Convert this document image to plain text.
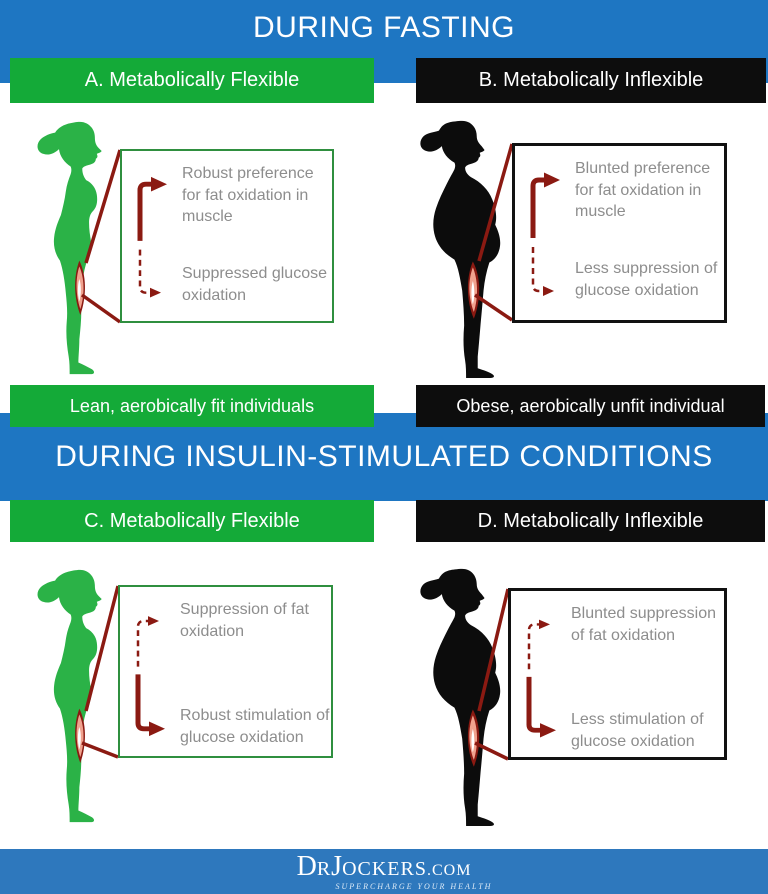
DURING FASTING
A. Metabolically Flexible	B. Metabolically Inflexible
Robust preference for fat oxidation in muscle
Suppressed glucose oxidation
Blunted preference for fat oxidation in muscle
Less suppression of glucose oxidation
Lean, aerobically fit individuals	Obese, aerobically unfit individual
DURING INSULIN-STIMULATED CONDITIONS
C. Metabolically Flexible	D. Metabolically Inflexible
Suppression of fat oxidation
Robust stimulation of glucose oxidation
Blunted suppression of fat oxidation
Less stimulation of glucose oxidation
D R J OCKERS .COM
SUPERCHARGE YOUR HEALTH
